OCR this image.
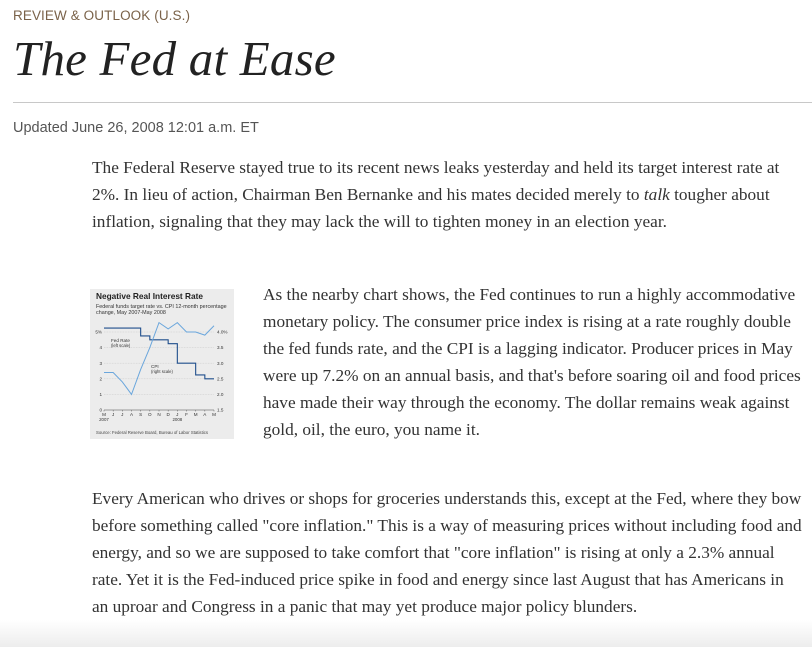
REVIEW & OUTLOOK (U.S.)
The Fed at Ease
Updated June 26, 2008 12:01 a.m. ET

The Federal Reserve stayed true to its recent news leaks yesterday and held its target interest rate at 2%. In lieu of action, Chairman Ben Bernanke and his mates decided merely to talk tougher about inflation, signaling that they may lack the will to tighten money in an election year.

Negative Real Interest Rate
Federal funds target rate vs. CPI 12-month percentage change, May 2007-May 2008
0
1
2
3
4
5%
1.5
2.0
2.5
3.0
3.5
4.0%
M J J A S O N D J F M A M
2007	2008
Fed Rate
(left scale)
CPI
(right scale)
Source: Federal Reserve Board, Bureau of Labor Statistics

As the nearby chart shows, the Fed continues to run a highly accommodative monetary policy. The consumer price index is rising at a rate roughly double the fed funds rate, and the CPI is a lagging indicator. Producer prices in May were up 7.2% on an annual basis, and that's before soaring oil and food prices have made their way through the economy. The dollar remains weak against gold, oil, the euro, you name it.

Every American who drives or shops for groceries understands this, except at the Fed, where they bow before something called "core inflation." This is a way of measuring prices without including food and energy, and so we are supposed to take comfort that "core inflation" is rising at only a 2.3% annual rate. Yet it is the Fed-induced price spike in food and energy since last August that has Americans in an uproar and Congress in a panic that may yet produce major policy blunders.
